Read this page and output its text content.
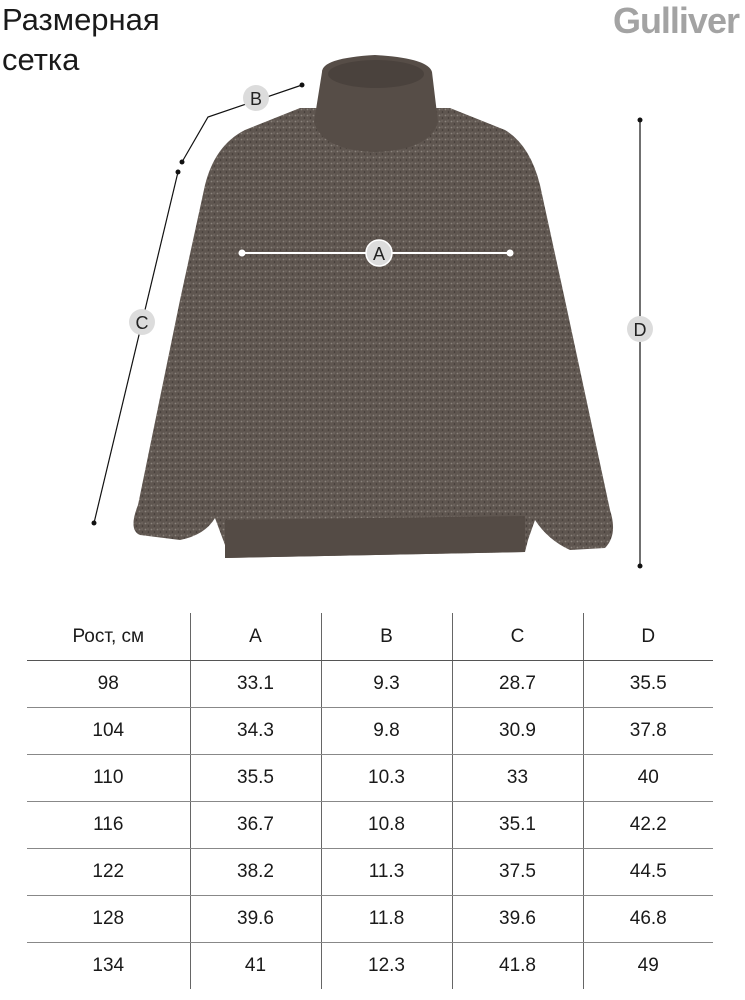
Размерная
сетка
Gulliver
A
B
C	D
Рост, см	A	B	C	D
98	33.1	9.3	28.7	35.5
104	34.3	9.8	30.9	37.8
110	35.5	10.3	33	40
116	36.7	10.8	35.1	42.2
122	38.2	11.3	37.5	44.5
128	39.6	11.8	39.6	46.8
134	41	12.3	41.8	49
